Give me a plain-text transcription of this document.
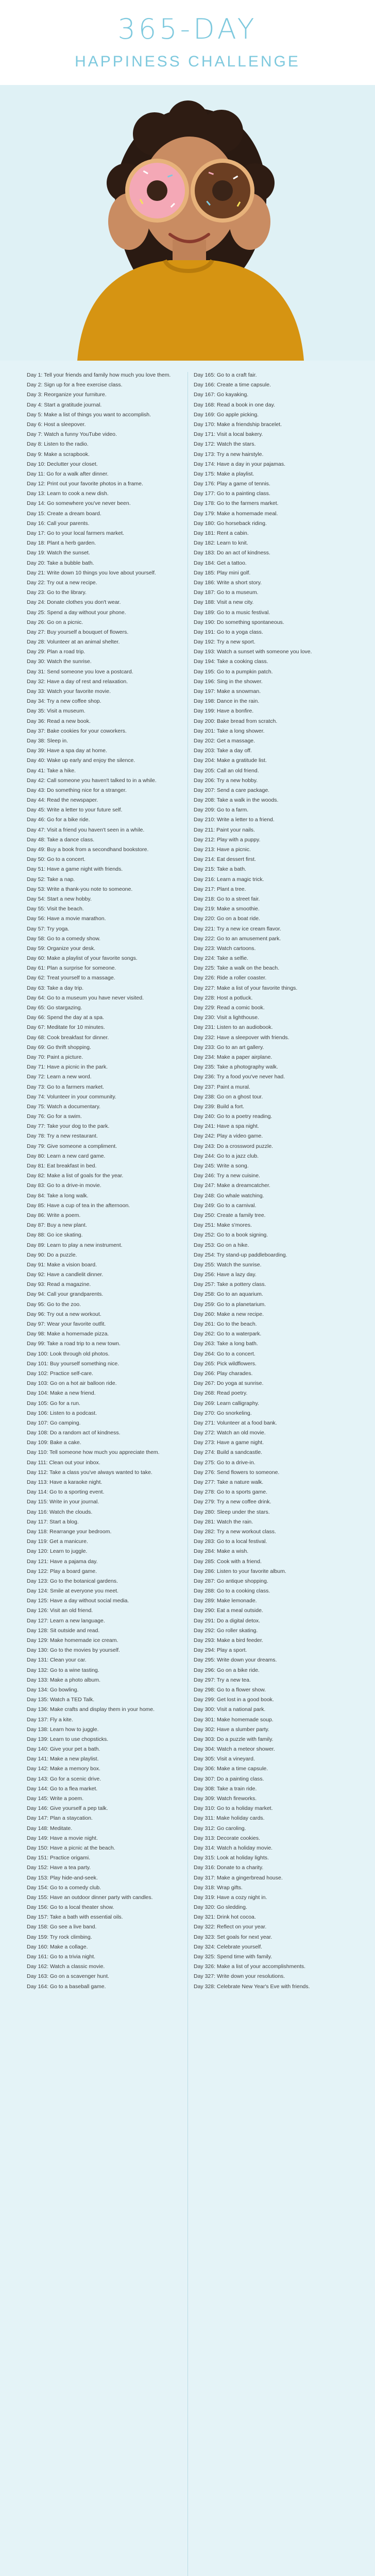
365-DAY
HAPPINESS CHALLENGE
Day 1: Tell your friends and family how much you love them.
Day 2: Sign up for a free exercise class.
Day 3: Reorganize your furniture.
Day 4: Start a gratitude journal.
Day 5: Make a list of things you want to accomplish.
Day 6: Host a sleepover.
Day 7: Watch a funny YouTube video.
Day 8: Listen to the radio.
Day 9: Make a scrapbook.
Day 10: Declutter your closet.
Day 11: Go for a walk after dinner.
Day 12: Print out your favorite photos in a frame.
Day 13: Learn to cook a new dish.
Day 14: Go somewhere you've never been.
Day 15: Create a dream board.
Day 16: Call your parents.
Day 17: Go to your local farmers market.
Day 18: Plant a herb garden.
Day 19: Watch the sunset.
Day 20: Take a bubble bath.
Day 21: Write down 10 things you love about yourself.
Day 22: Try out a new recipe.
Day 23: Go to the library.
Day 24: Donate clothes you don't wear.
Day 25: Spend a day without your phone.
Day 26: Go on a picnic.
Day 27: Buy yourself a bouquet of flowers.
Day 28: Volunteer at an animal shelter.
Day 29: Plan a road trip.
Day 30: Watch the sunrise.
Day 31: Send someone you love a postcard.
Day 32: Have a day of rest and relaxation.
Day 33: Watch your favorite movie.
Day 34: Try a new coffee shop.
Day 35: Visit a museum.
Day 36: Read a new book.
Day 37: Bake cookies for your coworkers.
Day 38: Sleep in.
Day 39: Have a spa day at home.
Day 40: Wake up early and enjoy the silence.
Day 41: Take a hike.
Day 42: Call someone you haven't talked to in a while.
Day 43: Do something nice for a stranger.
Day 44: Read the newspaper.
Day 45: Write a letter to your future self.
Day 46: Go for a bike ride.
Day 47: Visit a friend you haven't seen in a while.
Day 48: Take a dance class.
Day 49: Buy a book from a secondhand bookstore.
Day 50: Go to a concert.
Day 51: Have a game night with friends.
Day 52: Take a nap.
Day 53: Write a thank-you note to someone.
Day 54: Start a new hobby.
Day 55: Visit the beach.
Day 56: Have a movie marathon.
Day 57: Try yoga.
Day 58: Go to a comedy show.
Day 59: Organize your desk.
Day 60: Make a playlist of your favorite songs.
Day 61: Plan a surprise for someone.
Day 62: Treat yourself to a massage.
Day 63: Take a day trip.
Day 64: Go to a museum you have never visited.
Day 65: Go stargazing.
Day 66: Spend the day at a spa.
Day 67: Meditate for 10 minutes.
Day 68: Cook breakfast for dinner.
Day 69: Go thrift shopping.
Day 70: Paint a picture.
Day 71: Have a picnic in the park.
Day 72: Learn a new word.
Day 73: Go to a farmers market.
Day 74: Volunteer in your community.
Day 75: Watch a documentary.
Day 76: Go for a swim.
Day 77: Take your dog to the park.
Day 78: Try a new restaurant.
Day 79: Give someone a compliment.
Day 80: Learn a new card game.
Day 81: Eat breakfast in bed.
Day 82: Make a list of goals for the year.
Day 83: Go to a drive-in movie.
Day 84: Take a long walk.
Day 85: Have a cup of tea in the afternoon.
Day 86: Write a poem.
Day 87: Buy a new plant.
Day 88: Go ice skating.
Day 89: Learn to play a new instrument.
Day 90: Do a puzzle.
Day 91: Make a vision board.
Day 92: Have a candlelit dinner.
Day 93: Read a magazine.
Day 94: Call your grandparents.
Day 95: Go to the zoo.
Day 96: Try out a new workout.
Day 97: Wear your favorite outfit.
Day 98: Make a homemade pizza.
Day 99: Take a road trip to a new town.
Day 100: Look through old photos.
Day 101: Buy yourself something nice.
Day 102: Practice self-care.
Day 103: Go on a hot air balloon ride.
Day 104: Make a new friend.
Day 105: Go for a run.
Day 106: Listen to a podcast.
Day 107: Go camping.
Day 108: Do a random act of kindness.
Day 109: Bake a cake.
Day 110: Tell someone how much you appreciate them.
Day 111: Clean out your inbox.
Day 112: Take a class you've always wanted to take.
Day 113: Have a karaoke night.
Day 114: Go to a sporting event.
Day 115: Write in your journal.
Day 116: Watch the clouds.
Day 117: Start a blog.
Day 118: Rearrange your bedroom.
Day 119: Get a manicure.
Day 120: Learn to juggle.
Day 121: Have a pajama day.
Day 122: Play a board game.
Day 123: Go to the botanical gardens.
Day 124: Smile at everyone you meet.
Day 125: Have a day without social media.
Day 126: Visit an old friend.
Day 127: Learn a new language.
Day 128: Sit outside and read.
Day 129: Make homemade ice cream.
Day 130: Go to the movies by yourself.
Day 131: Clean your car.
Day 132: Go to a wine tasting.
Day 133: Make a photo album.
Day 134: Go bowling.
Day 135: Watch a TED Talk.
Day 136: Make crafts and display them in your home.
Day 137: Fly a kite.
Day 138: Learn how to juggle.
Day 139: Learn to use chopsticks.
Day 140: Give your pet a bath.
Day 141: Make a new playlist.
Day 142: Make a memory box.
Day 143: Go for a scenic drive.
Day 144: Go to a flea market.
Day 145: Write a poem.
Day 146: Give yourself a pep talk.
Day 147: Plan a staycation.
Day 148: Meditate.
Day 149: Have a movie night.
Day 150: Have a picnic at the beach.
Day 151: Practice origami.
Day 152: Have a tea party.
Day 153: Play hide-and-seek.
Day 154: Go to a comedy club.
Day 155: Have an outdoor dinner party with candles.
Day 156: Go to a local theater show.
Day 157: Take a bath with essential oils.
Day 158: Go see a live band.
Day 159: Try rock climbing.
Day 160: Make a collage.
Day 161: Go to a trivia night.
Day 162: Watch a classic movie.
Day 163: Go on a scavenger hunt.
Day 164: Go to a baseball game.
Day 165: Go to a craft fair.
Day 166: Create a time capsule.
Day 167: Go kayaking.
Day 168: Read a book in one day.
Day 169: Go apple picking.
Day 170: Make a friendship bracelet.
Day 171: Visit a local bakery.
Day 172: Watch the stars.
Day 173: Try a new hairstyle.
Day 174: Have a day in your pajamas.
Day 175: Make a playlist.
Day 176: Play a game of tennis.
Day 177: Go to a painting class.
Day 178: Go to the farmers market.
Day 179: Make a homemade meal.
Day 180: Go horseback riding.
Day 181: Rent a cabin.
Day 182: Learn to knit.
Day 183: Do an act of kindness.
Day 184: Get a tattoo.
Day 185: Play mini golf.
Day 186: Write a short story.
Day 187: Go to a museum.
Day 188: Visit a new city.
Day 189: Go to a music festival.
Day 190: Do something spontaneous.
Day 191: Go to a yoga class.
Day 192: Try a new sport.
Day 193: Watch a sunset with someone you love.
Day 194: Take a cooking class.
Day 195: Go to a pumpkin patch.
Day 196: Sing in the shower.
Day 197: Make a snowman.
Day 198: Dance in the rain.
Day 199: Have a bonfire.
Day 200: Bake bread from scratch.
Day 201: Take a long shower.
Day 202: Get a massage.
Day 203: Take a day off.
Day 204: Make a gratitude list.
Day 205: Call an old friend.
Day 206: Try a new hobby.
Day 207: Send a care package.
Day 208: Take a walk in the woods.
Day 209: Go to a farm.
Day 210: Write a letter to a friend.
Day 211: Paint your nails.
Day 212: Play with a puppy.
Day 213: Have a picnic.
Day 214: Eat dessert first.
Day 215: Take a bath.
Day 216: Learn a magic trick.
Day 217: Plant a tree.
Day 218: Go to a street fair.
Day 219: Make a smoothie.
Day 220: Go on a boat ride.
Day 221: Try a new ice cream flavor.
Day 222: Go to an amusement park.
Day 223: Watch cartoons.
Day 224: Take a selfie.
Day 225: Take a walk on the beach.
Day 226: Ride a roller coaster.
Day 227: Make a list of your favorite things.
Day 228: Host a potluck.
Day 229: Read a comic book.
Day 230: Visit a lighthouse.
Day 231: Listen to an audiobook.
Day 232: Have a sleepover with friends.
Day 233: Go to an art gallery.
Day 234: Make a paper airplane.
Day 235: Take a photography walk.
Day 236: Try a food you've never had.
Day 237: Paint a mural.
Day 238: Go on a ghost tour.
Day 239: Build a fort.
Day 240: Go to a poetry reading.
Day 241: Have a spa night.
Day 242: Play a video game.
Day 243: Do a crossword puzzle.
Day 244: Go to a jazz club.
Day 245: Write a song.
Day 246: Try a new cuisine.
Day 247: Make a dreamcatcher.
Day 248: Go whale watching.
Day 249: Go to a carnival.
Day 250: Create a family tree.
Day 251: Make s'mores.
Day 252: Go to a book signing.
Day 253: Go on a hike.
Day 254: Try stand-up paddleboarding.
Day 255: Watch the sunrise.
Day 256: Have a lazy day.
Day 257: Take a pottery class.
Day 258: Go to an aquarium.
Day 259: Go to a planetarium.
Day 260: Make a new recipe.
Day 261: Go to the beach.
Day 262: Go to a waterpark.
Day 263: Take a long bath.
Day 264: Go to a concert.
Day 265: Pick wildflowers.
Day 266: Play charades.
Day 267: Do yoga at sunrise.
Day 268: Read poetry.
Day 269: Learn calligraphy.
Day 270: Go snorkeling.
Day 271: Volunteer at a food bank.
Day 272: Watch an old movie.
Day 273: Have a game night.
Day 274: Build a sandcastle.
Day 275: Go to a drive-in.
Day 276: Send flowers to someone.
Day 277: Take a nature walk.
Day 278: Go to a sports game.
Day 279: Try a new coffee drink.
Day 280: Sleep under the stars.
Day 281: Watch the rain.
Day 282: Try a new workout class.
Day 283: Go to a local festival.
Day 284: Make a wish.
Day 285: Cook with a friend.
Day 286: Listen to your favorite album.
Day 287: Go antique shopping.
Day 288: Go to a cooking class.
Day 289: Make lemonade.
Day 290: Eat a meal outside.
Day 291: Do a digital detox.
Day 292: Go roller skating.
Day 293: Make a bird feeder.
Day 294: Play a sport.
Day 295: Write down your dreams.
Day 296: Go on a bike ride.
Day 297: Try a new tea.
Day 298: Go to a flower show.
Day 299: Get lost in a good book.
Day 300: Visit a national park.
Day 301: Make homemade soup.
Day 302: Have a slumber party.
Day 303: Do a puzzle with family.
Day 304: Watch a meteor shower.
Day 305: Visit a vineyard.
Day 306: Make a time capsule.
Day 307: Do a painting class.
Day 308: Take a train ride.
Day 309: Watch fireworks.
Day 310: Go to a holiday market.
Day 311: Make holiday cards.
Day 312: Go caroling.
Day 313: Decorate cookies.
Day 314: Watch a holiday movie.
Day 315: Look at holiday lights.
Day 316: Donate to a charity.
Day 317: Make a gingerbread house.
Day 318: Wrap gifts.
Day 319: Have a cozy night in.
Day 320: Go sledding.
Day 321: Drink hot cocoa.
Day 322: Reflect on your year.
Day 323: Set goals for next year.
Day 324: Celebrate yourself.
Day 325: Spend time with family.
Day 326: Make a list of your accomplishments.
Day 327: Write down your resolutions.
Day 328: Celebrate New Year's Eve with friends.
